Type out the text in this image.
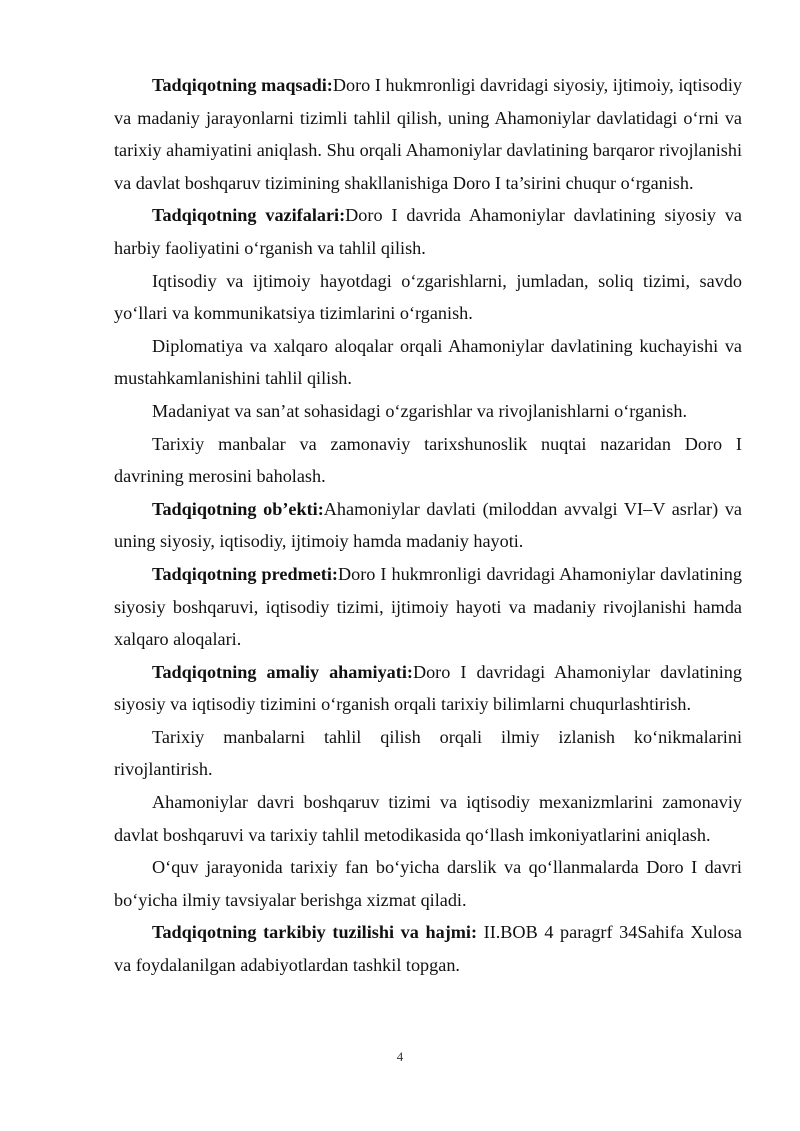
Tadqiqotning maqsadi:Doro I hukmronligi davridagi siyosiy, ijtimoiy, iqtisodiy va madaniy jarayonlarni tizimli tahlil qilish, uning Ahamoniylar davlatidagi o‘rni va tarixiy ahamiyatini aniqlash. Shu orqali Ahamoniylar davlatining barqaror rivojlanishi va davlat boshqaruv tizimining shakllanishiga Doro I ta’sirini chuqur o‘rganish.

Tadqiqotning vazifalari:Doro I davrida Ahamoniylar davlatining siyosiy va harbiy faoliyatini o‘rganish va tahlil qilish.

Iqtisodiy va ijtimoiy hayotdagi o‘zgarishlarni, jumladan, soliq tizimi, savdo yo‘llari va kommunikatsiya tizimlarini o‘rganish.

Diplomatiya va xalqaro aloqalar orqali Ahamoniylar davlatining kuchayishi va mustahkamlanishini tahlil qilish.

Madaniyat va san’at sohasidagi o‘zgarishlar va rivojlanishlarni o‘rganish.

Tarixiy manbalar va zamonaviy tarixshunoslik nuqtai nazaridan Doro I davrining merosini baholash.

Tadqiqotning ob’ekti:Ahamoniylar davlati (miloddan avvalgi VI–V asrlar) va uning siyosiy, iqtisodiy, ijtimoiy hamda madaniy hayoti.

Tadqiqotning predmeti:Doro I hukmronligi davridagi Ahamoniylar davlatining siyosiy boshqaruvi, iqtisodiy tizimi, ijtimoiy hayoti va madaniy rivojlanishi hamda xalqaro aloqalari.

Tadqiqotning amaliy ahamiyati:Doro I davridagi Ahamoniylar davlatining siyosiy va iqtisodiy tizimini o‘rganish orqali tarixiy bilimlarni chuqurlashtirish.

Tarixiy manbalarni tahlil qilish orqali ilmiy izlanish ko‘nikmalarini rivojlantirish.

Ahamoniylar davri boshqaruv tizimi va iqtisodiy mexanizmlarini zamonaviy davlat boshqaruvi va tarixiy tahlil metodikasida qo‘llash imkoniyatlarini aniqlash.

O‘quv jarayonida tarixiy fan bo‘yicha darslik va qo‘llanmalarda Doro I davri bo‘yicha ilmiy tavsiyalar berishga xizmat qiladi.

Tadqiqotning tarkibiy tuzilishi va hajmi: II.BOB 4 paragrf 34Sahifa Xulosa va foydalanilgan adabiyotlardan tashkil topgan.

4
